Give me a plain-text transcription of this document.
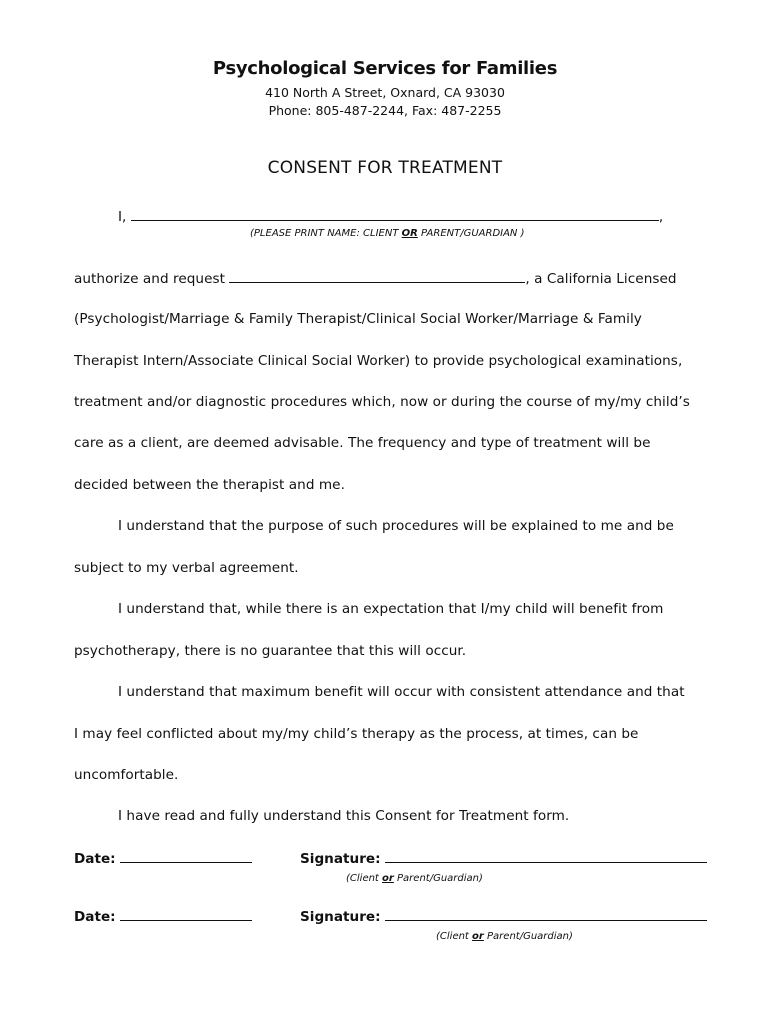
Psychological Services for Families
410 North A Street, Oxnard, CA 93030
Phone: 805-487-2244, Fax: 487-2255
CONSENT FOR TREATMENT
I,	,
(PLEASE PRINT NAME: CLIENT OR PARENT/GUARDIAN )
authorize and request	, a California Licensed
(Psychologist/Marriage & Family Therapist/Clinical Social Worker/Marriage & Family
Therapist Intern/Associate Clinical Social Worker) to provide psychological examinations,
treatment and/or diagnostic procedures which, now or during the course of my/my child’s
care as a client, are deemed advisable. The frequency and type of treatment will be
decided between the therapist and me.
I understand that the purpose of such procedures will be explained to me and be
subject to my verbal agreement.
I understand that, while there is an expectation that I/my child will benefit from
psychotherapy, there is no guarantee that this will occur.
I understand that maximum benefit will occur with consistent attendance and that
I may feel conflicted about my/my child’s therapy as the process, at times, can be
uncomfortable.
I have read and fully understand this Consent for Treatment form.
Date:	Signature:
(Client or Parent/Guardian)
Date:	Signature:
(Client or Parent/Guardian)
